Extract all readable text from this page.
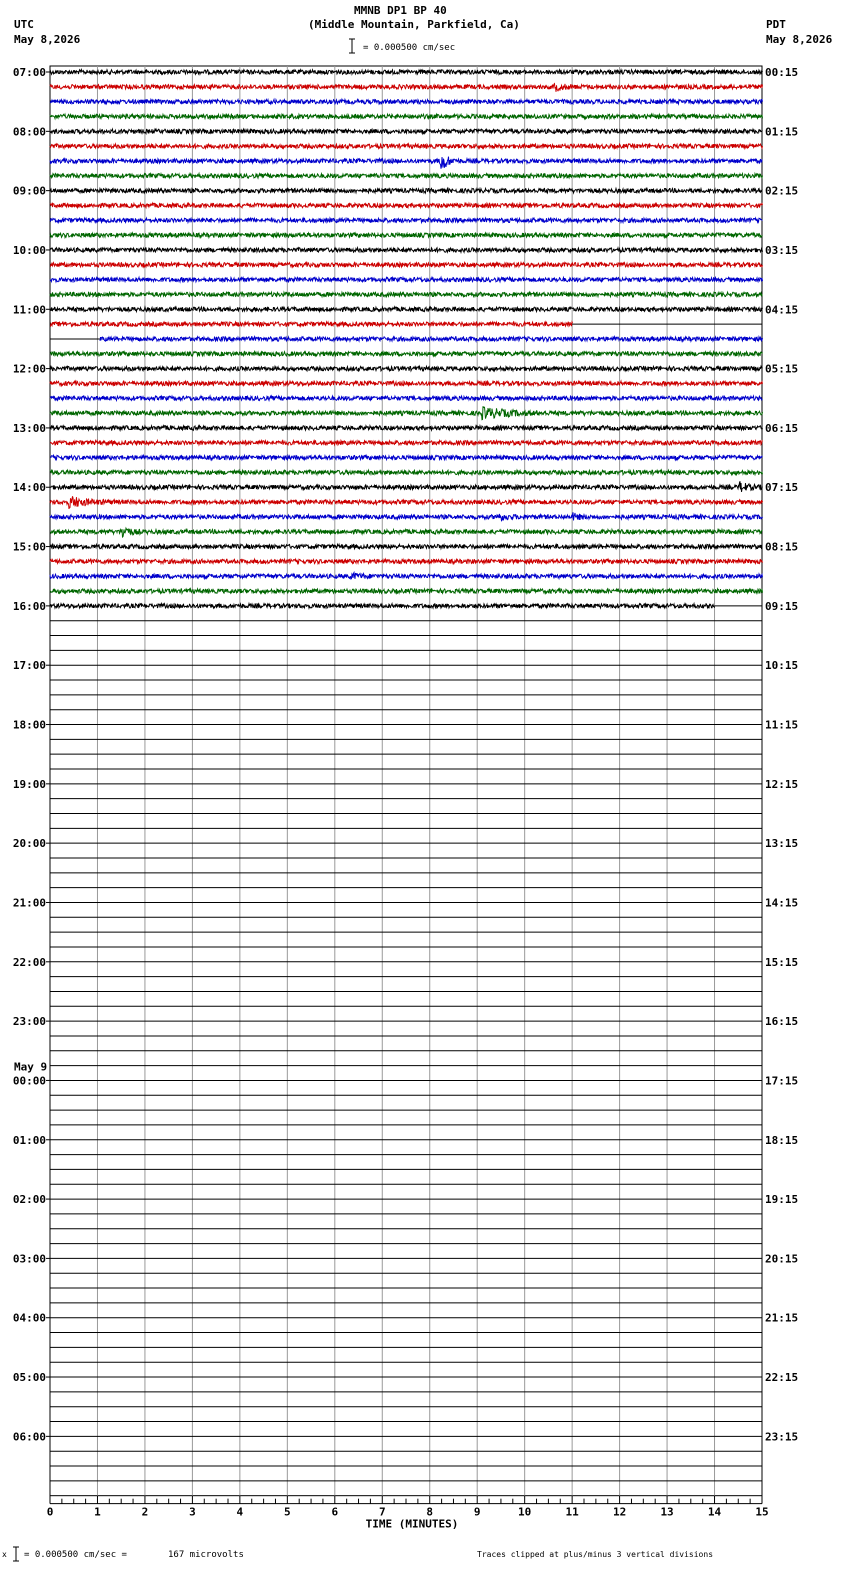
MMNB DP1 BP 40
(Middle Mountain, Parkfield, Ca)
UTC
May 8,2026
PDT
May 8,2026
= 0.000500 cm/sec
07:00
08:00
09:00
10:00
11:00
12:00
13:00
14:00
15:00
16:00
17:00
18:00
19:00
20:00
21:00
22:00
23:00
00:00
01:00
02:00
03:00
04:00
05:00
06:00
May 9
00:15
01:15
02:15
03:15
04:15
05:15
06:15
07:15
08:15
09:15
10:15
11:15
12:15
13:15
14:15
15:15
16:15
17:15
18:15
19:15
20:15
21:15
22:15
23:15
0	1	2	3	4	5	6	7	8	9	10	11	12	13	14	15
TIME (MINUTES)
x = 0.000500 cm/sec =	167 microvolts	Traces clipped at plus/minus 3 vertical divisions
